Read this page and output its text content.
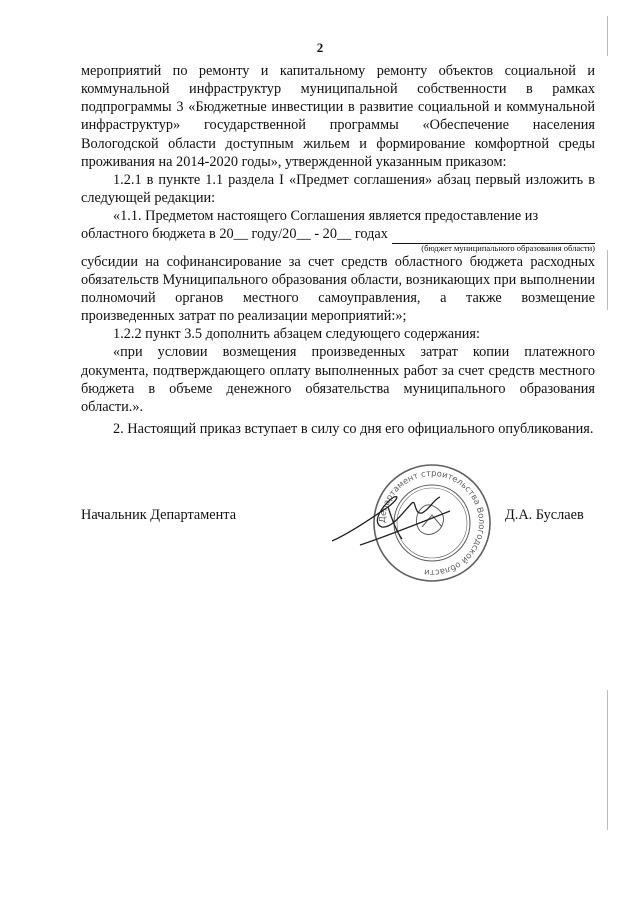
2

мероприятий по ремонту и капитальному ремонту объектов социальной и коммунальной инфраструктур муниципальной собственности в рамках подпрограммы 3 «Бюджетные инвестиции в развитие социальной и коммунальной инфраструктур» государственной программы «Обеспечение населения Вологодской области доступным жильем и формирование комфортной среды проживания на 2014-2020 годы», утвержденной указанным приказом:

1.2.1 в пункте 1.1 раздела I «Предмет соглашения» абзац первый изложить в следующей редакции:

«1.1. Предметом настоящего Соглашения является предоставление из

областного бюджета в 20__ году/20__ - 20__ годах
(бюджет муниципального образования области)

субсидии на софинансирование за счет средств областного бюджета расходных обязательств Муниципального образования области, возникающих при выполнении полномочий органов местного самоуправления, а также возмещение произведенных затрат по реализации мероприятий:»;

1.2.2 пункт 3.5 дополнить абзацем следующего содержания:

«при условии возмещения произведенных затрат копии платежного документа, подтверждающего оплату выполненных работ за счет средств местного бюджета в объеме денежного обязательства муниципального образования области.».

2. Настоящий приказ вступает в силу со дня его официального опубликования.

Начальник Департамента	Д.А. Буслаев
Департамент строительства Вологодской области
